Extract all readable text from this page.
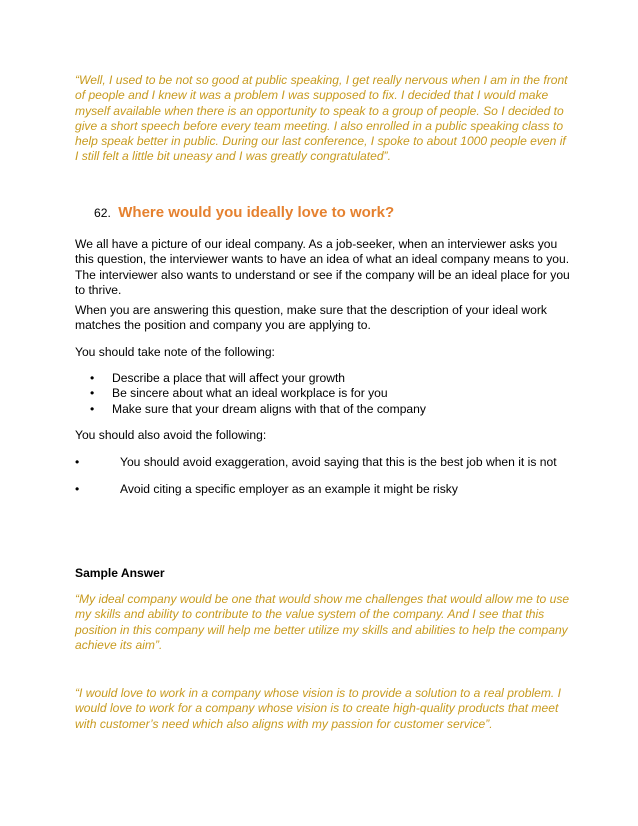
“Well, I used to be not so good at public speaking, I get really nervous when I am in the front of people and I knew it was a problem I was supposed to fix. I decided that I would make myself available when there is an opportunity to speak to a group of people. So I decided to give a short speech before every team meeting. I also enrolled in a public speaking class to help speak better in public. During our last conference, I spoke to about 1000 people even if I still felt a little bit uneasy and I was greatly congratulated”.
62. Where would you ideally love to work?
We all have a picture of our ideal company. As a job-seeker, when an interviewer asks you this question, the interviewer wants to have an idea of what an ideal company means to you. The interviewer also wants to understand or see if the company will be an ideal place for you to thrive.
When you are answering this question, make sure that the description of your ideal work matches the position and company you are applying to.
You should take note of the following:
• Describe a place that will affect your growth
• Be sincere about what an ideal workplace is for you
• Make sure that your dream aligns with that of the company
You should also avoid the following:
•	You should avoid exaggeration, avoid saying that this is the best job when it is not
•	Avoid citing a specific employer as an example it might be risky
Sample Answer
“My ideal company would be one that would show me challenges that would allow me to use my skills and ability to contribute to the value system of the company. And I see that this position in this company will help me better utilize my skills and abilities to help the company achieve its aim”.
“I would love to work in a company whose vision is to provide a solution to a real problem. I would love to work for a company whose vision is to create high-quality products that meet with customer’s need which also aligns with my passion for customer service”.
